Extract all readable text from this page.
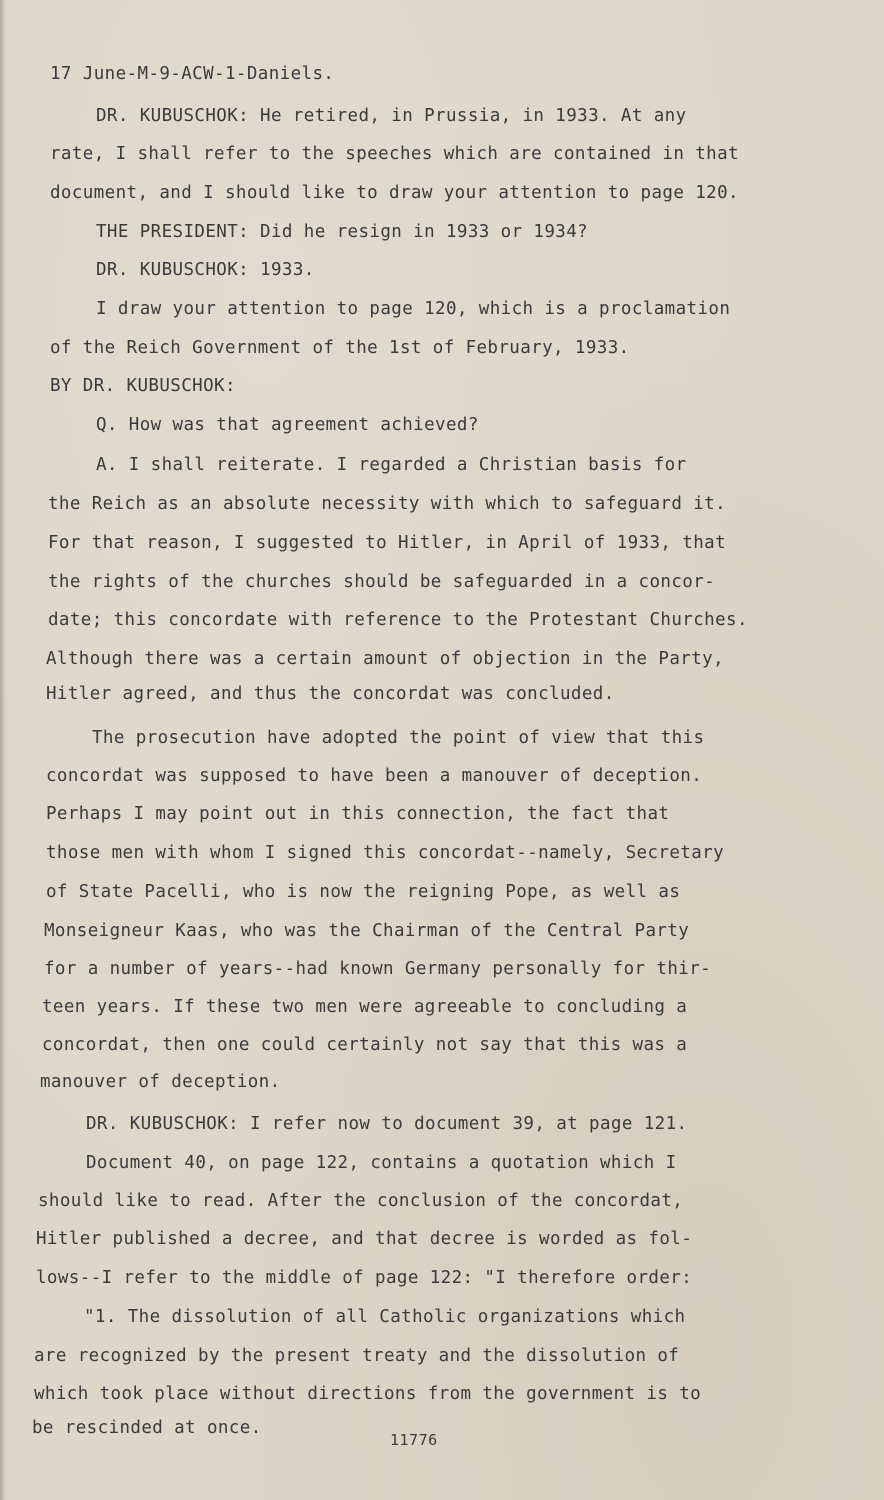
17 June-M-9-ACW-1-Daniels.
DR. KUBUSCHOK: He retired, in Prussia, in 1933. At any
rate, I shall refer to the speeches which are contained in that
document, and I should like to draw your attention to page 120.
THE PRESIDENT: Did he resign in 1933 or 1934?
DR. KUBUSCHOK: 1933.
I draw your attention to page 120, which is a proclamation
of the Reich Government of the 1st of February, 1933.
BY DR. KUBUSCHOK:
Q. How was that agreement achieved?
A. I shall reiterate. I regarded a Christian basis for
the Reich as an absolute necessity with which to safeguard it.
For that reason, I suggested to Hitler, in April of 1933, that
the rights of the churches should be safeguarded in a concor-
date; this concordate with reference to the Protestant Churches.
Although there was a certain amount of objection in the Party,
Hitler agreed, and thus the concordat was concluded.
The prosecution have adopted the point of view that this
concordat was supposed to have been a manouver of deception.
Perhaps I may point out in this connection, the fact that
those men with whom I signed this concordat--namely, Secretary
of State Pacelli, who is now the reigning Pope, as well as
Monseigneur Kaas, who was the Chairman of the Central Party
for a number of years--had known Germany personally for thir-
teen years. If these two men were agreeable to concluding a
concordat, then one could certainly not say that this was a
manouver of deception.
DR. KUBUSCHOK: I refer now to document 39, at page 121.
Document 40, on page 122, contains a quotation which I
should like to read. After the conclusion of the concordat,
Hitler published a decree, and that decree is worded as fol-
lows--I refer to the middle of page 122: "I therefore order:
"1. The dissolution of all Catholic organizations which
are recognized by the present treaty and the dissolution of
which took place without directions from the government is to
be rescinded at once.
11776
